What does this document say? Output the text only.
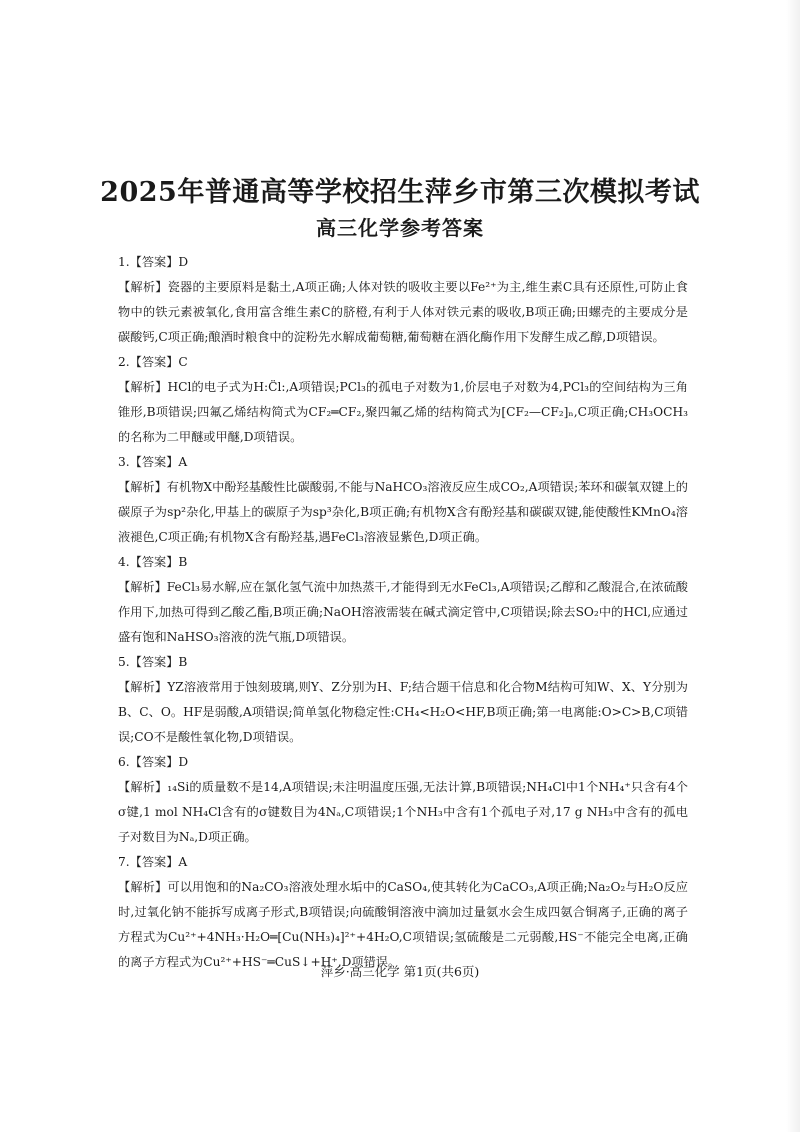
2025年普通高等学校招生萍乡市第三次模拟考试
高三化学参考答案

1.【答案】D

【解析】瓷器的主要原料是黏土,A项正确;人体对铁的吸收主要以Fe²⁺为主,维生素C具有还原性,可防止食物中的铁元素被氧化,食用富含维生素C的脐橙,有利于人体对铁元素的吸收,B项正确;田螺壳的主要成分是碳酸钙,C项正确;酿酒时粮食中的淀粉先水解成葡萄糖,葡萄糖在酒化酶作用下发酵生成乙醇,D项错误。

2.【答案】C

【解析】HCl的电子式为H:C̈l:,A项错误;PCl₃的孤电子对数为1,价层电子对数为4,PCl₃的空间结构为三角锥形,B项错误;四氟乙烯结构简式为CF₂═CF₂,聚四氟乙烯的结构简式为[CF₂—CF₂]ₙ,C项正确;CH₃OCH₃的名称为二甲醚或甲醚,D项错误。

3.【答案】A

【解析】有机物X中酚羟基酸性比碳酸弱,不能与NaHCO₃溶液反应生成CO₂,A项错误;苯环和碳氧双键上的碳原子为sp²杂化,甲基上的碳原子为sp³杂化,B项正确;有机物X含有酚羟基和碳碳双键,能使酸性KMnO₄溶液褪色,C项正确;有机物X含有酚羟基,遇FeCl₃溶液显紫色,D项正确。

4.【答案】B

【解析】FeCl₃易水解,应在氯化氢气流中加热蒸干,才能得到无水FeCl₃,A项错误;乙醇和乙酸混合,在浓硫酸作用下,加热可得到乙酸乙酯,B项正确;NaOH溶液需装在碱式滴定管中,C项错误;除去SO₂中的HCl,应通过盛有饱和NaHSO₃溶液的洗气瓶,D项错误。

5.【答案】B

【解析】YZ溶液常用于蚀刻玻璃,则Y、Z分别为H、F;结合题干信息和化合物M结构可知W、X、Y分别为B、C、O。HF是弱酸,A项错误;简单氢化物稳定性:CH₄<H₂O<HF,B项正确;第一电离能:O>C>B,C项错误;CO不是酸性氧化物,D项错误。

6.【答案】D

【解析】₁₄Si的质量数不是14,A项错误;未注明温度压强,无法计算,B项错误;NH₄Cl中1个NH₄⁺只含有4个σ键,1 mol NH₄Cl含有的σ键数目为4Nₐ,C项错误;1个NH₃中含有1个孤电子对,17 g NH₃中含有的孤电子对数目为Nₐ,D项正确。

7.【答案】A

【解析】可以用饱和的Na₂CO₃溶液处理水垢中的CaSO₄,使其转化为CaCO₃,A项正确;Na₂O₂与H₂O反应时,过氧化钠不能拆写成离子形式,B项错误;向硫酸铜溶液中滴加过量氨水会生成四氨合铜离子,正确的离子方程式为Cu²⁺+4NH₃·H₂O═[Cu(NH₃)₄]²⁺+4H₂O,C项错误;氢硫酸是二元弱酸,HS⁻不能完全电离,正确的离子方程式为Cu²⁺+HS⁻═CuS↓+H⁺,D项错误。

萍乡·高三化学 第1页(共6页)
